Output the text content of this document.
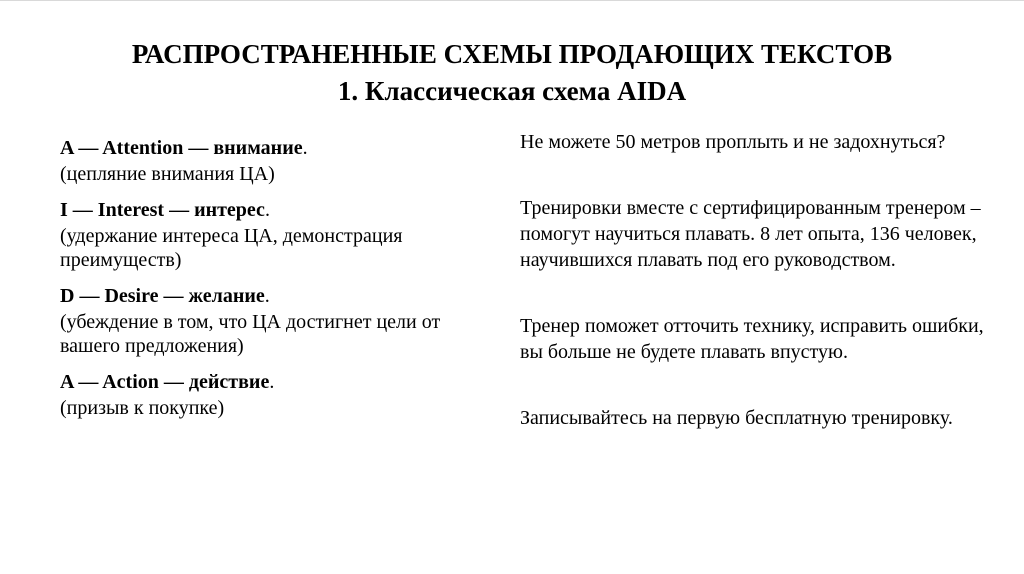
РАСПРОСТРАНЕННЫЕ СХЕМЫ ПРОДАЮЩИХ ТЕКСТОВ
1. Классическая схема AIDA
A — Attention — внимание.
(цепляние внимания ЦА)
I — Interest — интерес.
(удержание интереса ЦА, демонстрация преимуществ)
D — Desire — желание.
(убеждение в том, что ЦА достигнет цели от вашего предложения)
A — Action — действие.
(призыв к покупке)

Не можете 50 метров проплыть и не задохнуться?

Тренировки вместе с сертифицированным тренером – помогут научиться плавать. 8 лет опыта, 136 человек, научившихся плавать под его руководством.

Тренер поможет отточить технику, исправить ошибки, вы больше не будете плавать впустую.

Записывайтесь на первую бесплатную тренировку.
